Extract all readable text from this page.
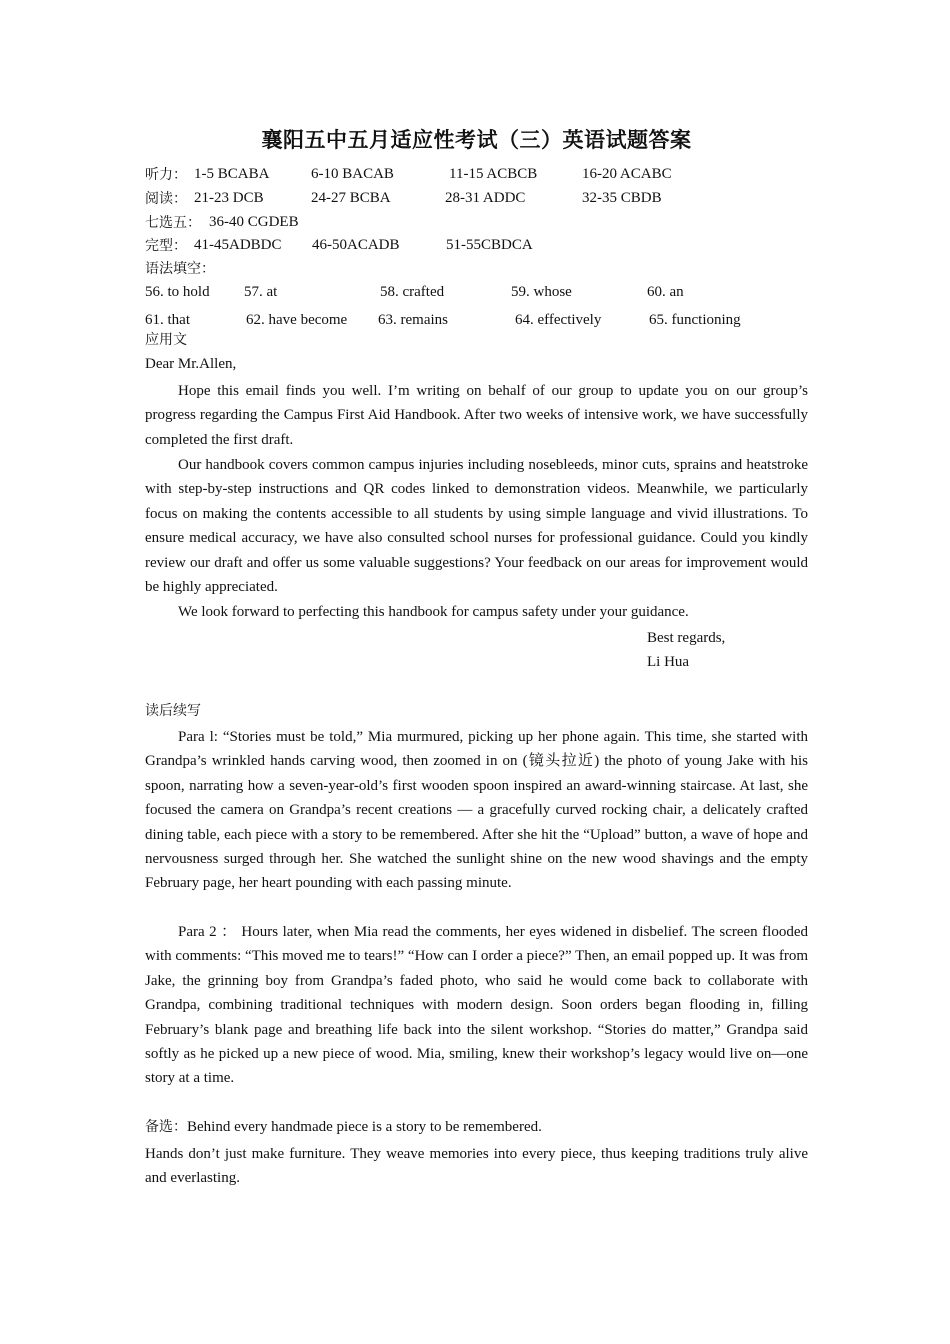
襄阳五中五月适应性考试（三）英语试题答案
听力： 1-5 BCABA	6-10 BACAB	11-15 ACBCB	16-20 ACABC
阅读： 21-23 DCB	24-27 BCBA	28-31 ADDC	32-35 CBDB
七选五： 36-40 CGDEB
完型： 41-45ADBDC 46-50ACADB	51-55CBDCA
语法填空：
56. to hold 57. at	58. crafted	59. whose	60. an
61. that	62. have become 63. remains	64. effectively	65. functioning
应用文
Dear Mr.Allen,

Hope this email finds you well. I’m writing on behalf of our group to update you on our group’s progress regarding the Campus First Aid Handbook. After two weeks of intensive work, we have successfully completed the first draft.

Our handbook covers common campus injuries including nosebleeds, minor cuts, sprains and heatstroke with step-by-step instructions and QR codes linked to demonstration videos. Meanwhile, we particularly focus on making the contents accessible to all students by using simple language and vivid illustrations. To ensure medical accuracy, we have also consulted school nurses for professional guidance. Could you kindly review our draft and offer us some valuable suggestions? Your feedback on our areas for improvement would be highly appreciated.

We look forward to perfecting this handbook for campus safety under your guidance.

Best regards,
Li Hua
读后续写

Para l: “Stories must be told,” Mia murmured, picking up her phone again. This time, she started with Grandpa’s wrinkled hands carving wood, then zoomed in on (镜头拉近) the photo of young Jake with his spoon, narrating how a seven-year-old’s first wooden spoon inspired an award-winning staircase. At last, she focused the camera on Grandpa’s recent creations — a gracefully curved rocking chair, a delicately crafted dining table, each piece with a story to be remembered. After she hit the “Upload” button, a wave of hope and nervousness surged through her. She watched the sunlight shine on the new wood shavings and the empty February page, her heart pounding with each passing minute.

Para 2 ： Hours later, when Mia read the comments, her eyes widened in disbelief. The screen flooded with comments: “This moved me to tears!” “How can I order a piece?” Then, an email popped up. It was from Jake, the grinning boy from Grandpa’s faded photo, who said he would come back to collaborate with Grandpa, combining traditional techniques with modern design. Soon orders began flooding in, filling February’s blank page and breathing life back into the silent workshop. “Stories do matter,” Grandpa said softly as he picked up a new piece of wood. Mia, smiling, knew their workshop’s legacy would live on—one story at a time.

备选：Behind every handmade piece is a story to be remembered.

Hands don’t just make furniture. They weave memories into every piece, thus keeping traditions truly alive and everlasting.
